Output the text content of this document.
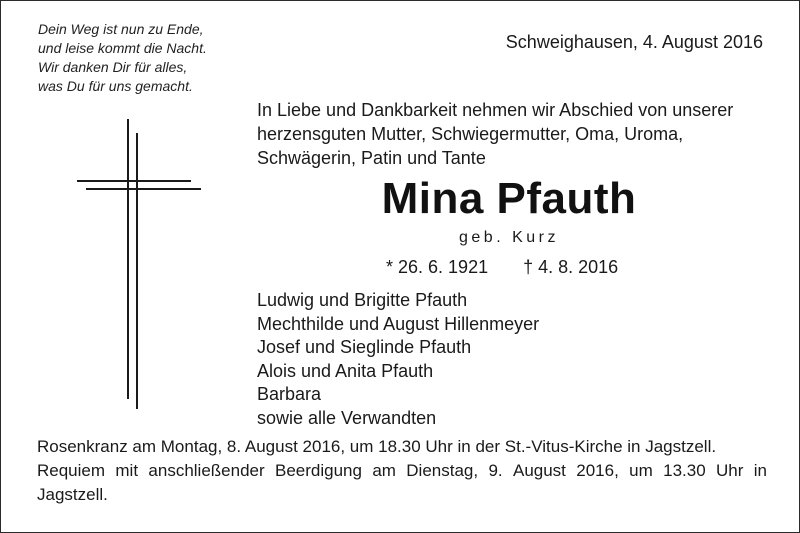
Dein Weg ist nun zu Ende,
und leise kommt die Nacht.
Wir danken Dir für alles,
was Du für uns gemacht.
Schweighausen, 4. August 2016
In Liebe und Dankbarkeit nehmen wir Abschied von unserer
herzensguten Mutter, Schwiegermutter, Oma, Uroma,
Schwägerin, Patin und Tante
Mina Pfauth
geb. Kurz
* 26. 6. 1921 † 4. 8. 2016
Ludwig und Brigitte Pfauth
Mechthilde und August Hillenmeyer
Josef und Sieglinde Pfauth
Alois und Anita Pfauth
Barbara
sowie alle Verwandten
Rosenkranz am Montag, 8. August 2016, um 18.30 Uhr in der St.-Vitus-Kirche in Jagstzell.
Requiem mit anschließender Beerdigung am Dienstag, 9. August 2016, um 13.30 Uhr in
Jagstzell.
